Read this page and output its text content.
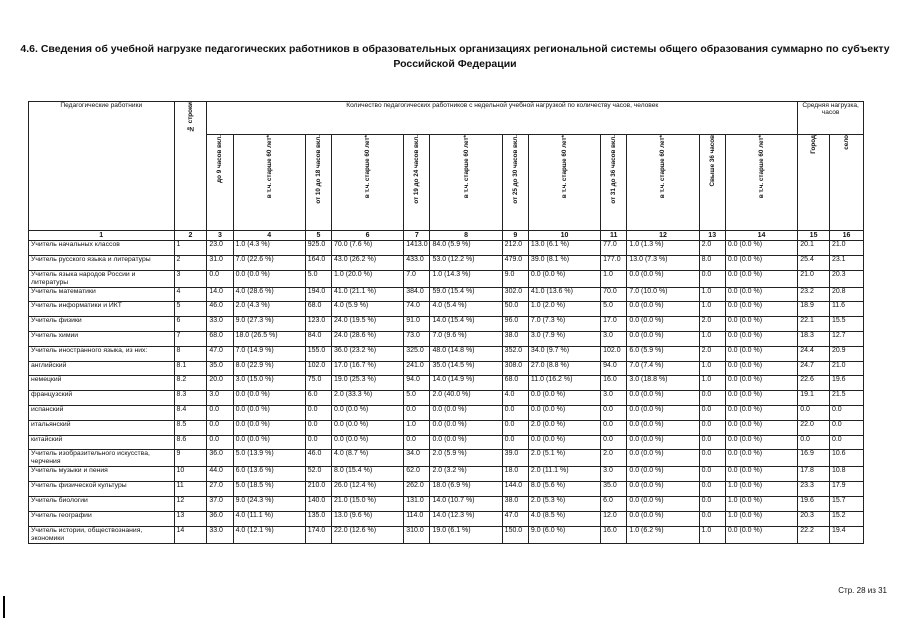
4.6. Сведения об учебной нагрузке педагогических работников в образовательных организациях региональной системы общего образования суммарно по субъекту Российской Федерации
Педагогические работники	№ строки	Количество педагогических работников с недельной учебной нагрузкой по количеству часов, человек												Средняя нагрузка, часов	

		до 9 часов вкл.	в т.ч. старше 60 лет*	от 10 до 18 часов вкл.	в т.ч. старше 60 лет*	от 19 до 24 часов вкл.	в т.ч. старше 60 лет*	от 25 до 30 часов вкл.	в т.ч. старше 60 лет*	от 31 до 36 часов вкл.	в т.ч. старше 60 лет*	Свыше 36 часов	в т.ч. старше 60 лет*	Город	село

1	2	3	4	5	6	7	8	9	10	11	12	13	14	15	16
Учитель начальных классов	1	23.0	1.0 (4.3 %)	925.0	70.0 (7.6 %)	1413.0	84.0 (5.9 %)	212.0	13.0 (6.1 %)	77.0	1.0 (1.3 %)	2.0	0.0 (0.0 %)	20.1	21.0
Учитель русского языка и литературы	2	31.0	7.0 (22.6 %)	164.0	43.0 (26.2 %)	433.0	53.0 (12.2 %)	479.0	39.0 (8.1 %)	177.0	13.0 (7.3 %)	8.0	0.0 (0.0 %)	25.4	23.1
Учитель языка народов России и литературы	3	0.0	0.0 (0.0 %)	5.0	1.0 (20.0 %)	7.0	1.0 (14.3 %)	9.0	0.0 (0.0 %)	1.0	0.0 (0.0 %)	0.0	0.0 (0.0 %)	21.0	20.3
Учитель математики	4	14.0	4.0 (28.6 %)	194.0	41.0 (21.1 %)	384.0	59.0 (15.4 %)	302.0	41.0 (13.6 %)	70.0	7.0 (10.0 %)	1.0	0.0 (0.0 %)	23.2	20.8
Учитель информатики и ИКТ	5	46.0	2.0 (4.3 %)	68.0	4.0 (5.9 %)	74.0	4.0 (5.4 %)	50.0	1.0 (2.0 %)	5.0	0.0 (0.0 %)	1.0	0.0 (0.0 %)	18.9	11.6
Учитель физики	6	33.0	9.0 (27.3 %)	123.0	24.0 (19.5 %)	91.0	14.0 (15.4 %)	96.0	7.0 (7.3 %)	17.0	0.0 (0.0 %)	2.0	0.0 (0.0 %)	22.1	15.5
Учитель химии	7	68.0	18.0 (26.5 %)	84.0	24.0 (28.6 %)	73.0	7.0 (9.6 %)	38.0	3.0 (7.9 %)	3.0	0.0 (0.0 %)	1.0	0.0 (0.0 %)	18.3	12.7
Учитель иностранного языка, из них:	8	47.0	7.0 (14.9 %)	155.0	36.0 (23.2 %)	325.0	48.0 (14.8 %)	352.0	34.0 (9.7 %)	102.0	6.0 (5.9 %)	2.0	0.0 (0.0 %)	24.4	20.9
английский	8.1	35.0	8.0 (22.9 %)	102.0	17.0 (16.7 %)	241.0	35.0 (14.5 %)	308.0	27.0 (8.8 %)	94.0	7.0 (7.4 %)	1.0	0.0 (0.0 %)	24.7	21.0
немецкий	8.2	20.0	3.0 (15.0 %)	75.0	19.0 (25.3 %)	94.0	14.0 (14.9 %)	68.0	11.0 (16.2 %)	16.0	3.0 (18.8 %)	1.0	0.0 (0.0 %)	22.6	19.6
французский	8.3	3.0	0.0 (0.0 %)	6.0	2.0 (33.3 %)	5.0	2.0 (40.0 %)	4.0	0.0 (0.0 %)	3.0	0.0 (0.0 %)	0.0	0.0 (0.0 %)	19.1	21.5
испанский	8.4	0.0	0.0 (0.0 %)	0.0	0.0 (0.0 %)	0.0	0.0 (0.0 %)	0.0	0.0 (0.0 %)	0.0	0.0 (0.0 %)	0.0	0.0 (0.0 %)	0.0	0.0
итальянский	8.5	0.0	0.0 (0.0 %)	0.0	0.0 (0.0 %)	1.0	0.0 (0.0 %)	0.0	2.0 (0.0 %)	0.0	0.0 (0.0 %)	0.0	0.0 (0.0 %)	22.0	0.0
китайский	8.6	0.0	0.0 (0.0 %)	0.0	0.0 (0.0 %)	0.0	0.0 (0.0 %)	0.0	0.0 (0.0 %)	0.0	0.0 (0.0 %)	0.0	0.0 (0.0 %)	0.0	0.0
Учитель изобразительного искусства, черчения	9	36.0	5.0 (13.9 %)	46.0	4.0 (8.7 %)	34.0	2.0 (5.9 %)	39.0	2.0 (5.1 %)	2.0	0.0 (0.0 %)	0.0	0.0 (0.0 %)	16.9	10.6
Учитель музыки и пения	10	44.0	6.0 (13.6 %)	52.0	8.0 (15.4 %)	62.0	2.0 (3.2 %)	18.0	2.0 (11.1 %)	3.0	0.0 (0.0 %)	0.0	0.0 (0.0 %)	17.8	10.8
Учитель физической культуры	11	27.0	5.0 (18.5 %)	210.0	26.0 (12.4 %)	262.0	18.0 (6.9 %)	144.0	8.0 (5.6 %)	35.0	0.0 (0.0 %)	0.0	1.0 (0.0 %)	23.3	17.9
Учитель биологии	12	37.0	9.0 (24.3 %)	140.0	21.0 (15.0 %)	131.0	14.0 (10.7 %)	38.0	2.0 (5.3 %)	6.0	0.0 (0.0 %)	0.0	1.0 (0.0 %)	19.6	15.7
Учитель географии	13	36.0	4.0 (11.1 %)	135.0	13.0 (9.6 %)	114.0	14.0 (12.3 %)	47.0	4.0 (8.5 %)	12.0	0.0 (0.0 %)	0.0	1.0 (0.0 %)	20.3	15.2
Учитель истории, обществознания, экономики	14	33.0	4.0 (12.1 %)	174.0	22.0 (12.6 %)	310.0	19.0 (6.1 %)	150.0	9.0 (6.0 %)	16.0	1.0 (6.2 %)	1.0	0.0 (0.0 %)	22.2	19.4
Стр. 28 из 31
